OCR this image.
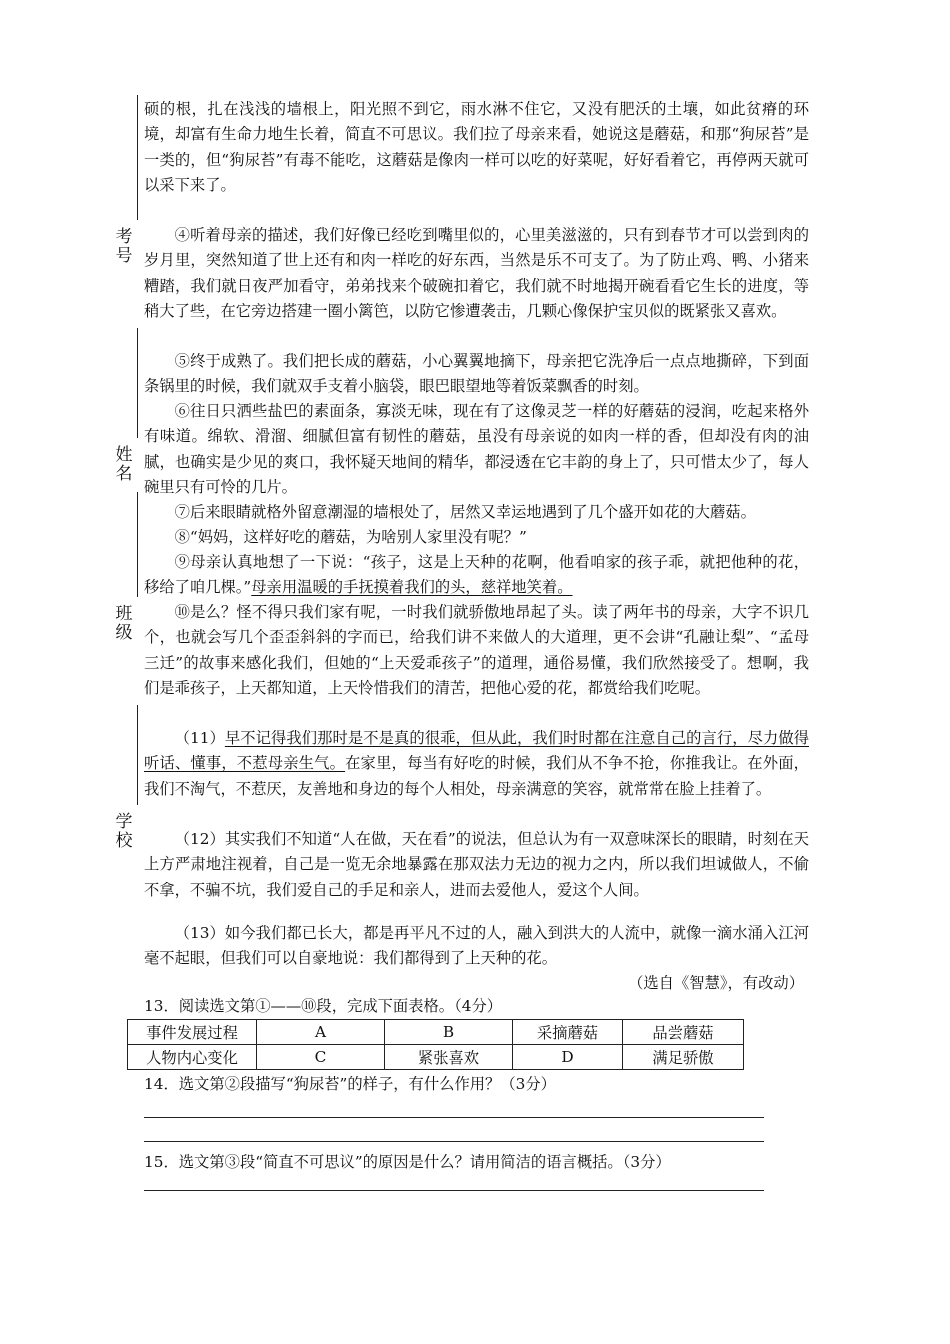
考号
姓名
班级
学校

硕的根，扎在浅浅的墙根上，阳光照不到它，雨水淋不住它，又没有肥沃的土壤，如此贫瘠的环境，却富有生命力地生长着，简直不可思议。我们拉了母亲来看，她说这是蘑菇，和那“狗尿苔”是一类的，但“狗尿苔”有毒不能吃，这蘑菇是像肉一样可以吃的好菜呢，好好看着它，再停两天就可以采下来了。

④听着母亲的描述，我们好像已经吃到嘴里似的，心里美滋滋的，只有到春节才可以尝到肉的岁月里，突然知道了世上还有和肉一样吃的好东西，当然是乐不可支了。为了防止鸡、鸭、小猪来糟踏，我们就日夜严加看守，弟弟找来个破碗扣着它，我们就不时地揭开碗看看它生长的进度，等稍大了些，在它旁边搭建一圈小篱笆，以防它惨遭袭击，几颗心像保护宝贝似的既紧张又喜欢。

⑤终于成熟了。我们把长成的蘑菇，小心翼翼地摘下，母亲把它洗净后一点点地撕碎，下到面条锅里的时候，我们就双手支着小脑袋，眼巴眼望地等着饭菜飘香的时刻。

⑥往日只洒些盐巴的素面条，寡淡无味，现在有了这像灵芝一样的好蘑菇的浸润，吃起来格外有味道。绵软、滑溜、细腻但富有韧性的蘑菇，虽没有母亲说的如肉一样的香，但却没有肉的油腻，也确实是少见的爽口，我怀疑天地间的精华，都浸透在它丰韵的身上了，只可惜太少了，每人碗里只有可怜的几片。

⑦后来眼睛就格外留意潮湿的墙根处了，居然又幸运地遇到了几个盛开如花的大蘑菇。

⑧“妈妈，这样好吃的蘑菇，为啥别人家里没有呢？”

⑨母亲认真地想了一下说：“孩子，这是上天种的花啊，他看咱家的孩子乖，就把他种的花，移给了咱几棵。”母亲用温暖的手抚摸着我们的头，慈祥地笑着。

⑩是么？怪不得只我们家有呢，一时我们就骄傲地昂起了头。读了两年书的母亲，大字不识几个，也就会写几个歪歪斜斜的字而已，给我们讲不来做人的大道理，更不会讲“孔融让梨”、“孟母三迁”的故事来感化我们，但她的“上天爱乖孩子”的道理，通俗易懂，我们欣然接受了。想啊，我们是乖孩子，上天都知道，上天怜惜我们的清苦，把他心爱的花，都赏给我们吃呢。

（11）早不记得我们那时是不是真的很乖，但从此，我们时时都在注意自己的言行，尽力做得听话、懂事，不惹母亲生气。在家里，每当有好吃的时候，我们从不争不抢，你推我让。在外面，我们不淘气，不惹厌，友善地和身边的每个人相处，母亲满意的笑容，就常常在脸上挂着了。

（12）其实我们不知道“人在做，天在看”的说法，但总认为有一双意味深长的眼睛，时刻在天上方严肃地注视着，自己是一览无余地暴露在那双法力无边的视力之内，所以我们坦诚做人，不偷不拿，不骗不坑，我们爱自己的手足和亲人，进而去爱他人，爱这个人间。

（13）如今我们都已长大，都是再平凡不过的人，融入到洪大的人流中，就像一滴水涌入江河毫不起眼，但我们可以自豪地说：我们都得到了上天种的花。

（选自《智慧》，有改动）
13．阅读选文第①——⑩段，完成下面表格。（4分）
事件发展过程	A	B	采摘蘑菇	品尝蘑菇
人物内心变化	C	紧张喜欢	D	满足骄傲
14．选文第②段描写“狗尿苔”的样子，有什么作用？（3分）
15．选文第③段“简直不可思议”的原因是什么？请用简洁的语言概括。（3分）
